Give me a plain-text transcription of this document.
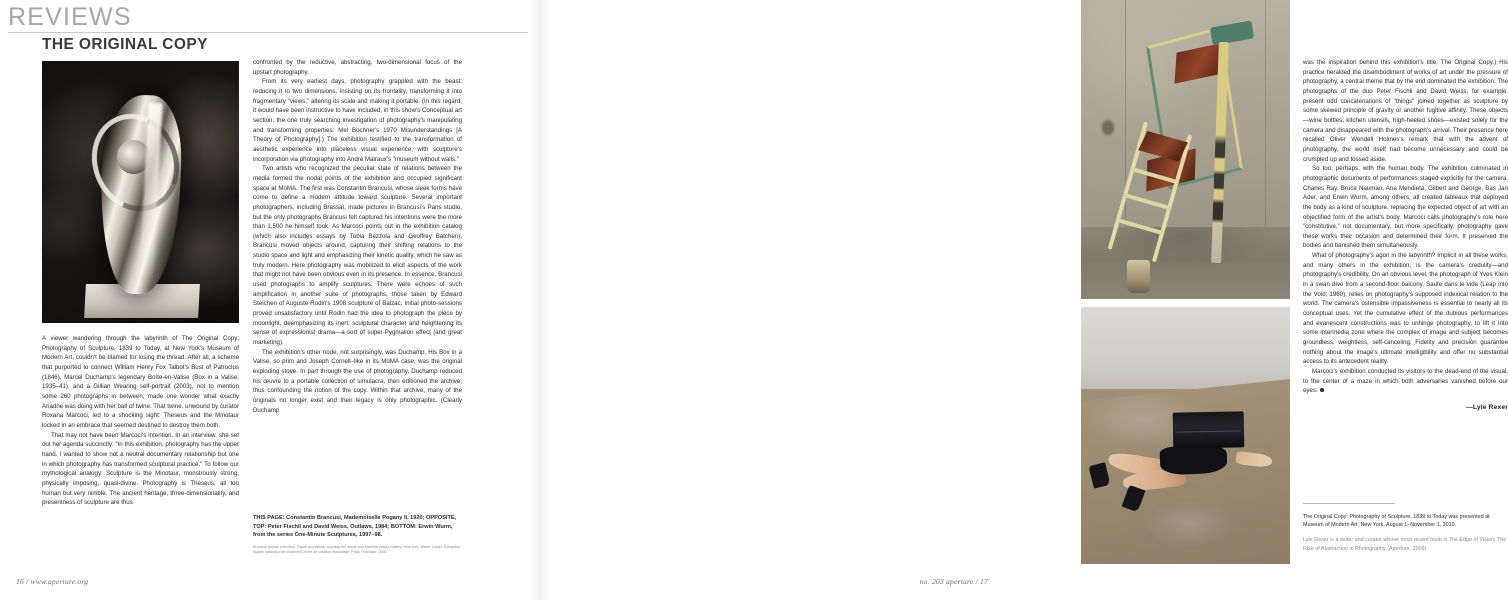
REVIEWS
THE ORIGINAL COPY

A viewer wandering through the labyrinth of The Original Copy: Photography of Sculpture, 1839 to Today, at New York's Museum of Modern Art, couldn't be blamed for losing the thread. After all, a scheme that purported to connect William Henry Fox Talbot's Bust of Patroclus (1846), Marcel Duchamp's legendary Boîte-en-Valise (Box in a Valise; 1935–41), and a Gillian Wearing self-portrait (2003), not to mention some 260 photographs in between, made one wonder what exactly Ariadne was doing with her ball of twine. That twine, unwound by curator Roxana Marcoci, led to a shocking sight: Theseus and the Minotaur locked in an embrace that seemed destined to destroy them both.

That may not have been Marcoci's intention. In an interview, she set out her agenda succinctly: "In this exhibition, photography has the upper hand. I wanted to show not a neutral documentary relationship but one in which photography has transformed sculptural practice." To follow our mythological analogy: Sculpture is the Minotaur, monstrously strong, physically imposing, quasi-divine. Photography is Theseus, all too human but very nimble. The ancient heritage, three-dimensionality, and presentness of sculpture are thus

confronted by the reductive, abstracting, two-dimensional focus of the upstart photography.

From its very earliest days, photography grappled with the beast: reducing it to two dimensions, insisting on its frontality, transforming it into fragmentary "views," altering its scale and making it portable. (In this regard, it would have been instructive to have included, in this show's Conceptual art section, the one truly searching investigation of photography's manipulating and transforming properties: Mel Bochner's 1970 Misunderstandings [A Theory of Photography].) The exhibition testified to the transformation of aesthetic experience into placeless visual experience, with sculpture's incorporation via photography into André Malraux's "museum without walls."

Two artists who recognized the peculiar state of relations between the media formed the nodal points of the exhibition and occupied significant space at MoMA. The first was Constantin Brancusi, whose sleek forms have come to define a modern attitude toward sculpture. Several important photographers, including Brassaï, made pictures in Brancusi's Paris studio, but the only photographs Brancusi felt captured his intentions were the more than 1,500 he himself took. As Marcoci points out in the exhibition catalog (which also includes essays by Tobia Bezzola and Geoffrey Batchen), Brancusi moved objects around, capturing their shifting relations to the studio space and light and emphasizing their kinetic quality, which he saw as truly modern. Here photography was mobilized to elicit aspects of the work that might not have been obvious even in its presence. In essence, Brancusi used photographs to amplify sculptures. There were echoes of such amplification in another suite of photographs, those taken by Edward Steichen of Auguste Rodin's 1908 sculpture of Balzac. Initial photo-sessions proved unsatisfactory until Rodin had the idea to photograph the piece by moonlight, deemphasizing its inert, sculptural character and heightening its sense of expressionist drama—a sort of super-Pygmalion effect (and great marketing).

The exhibition's other node, not surprisingly, was Duchamp. His Box in a Valise, so prim and Joseph Cornell–like in its MoMA case, was the original exploding stove. In part through the use of photography, Duchamp reduced his œuvre to a portable collection of simulacra, then editioned the archive, thus confounding the notion of the copy. Within that archive, many of the originals no longer exist and their legacy is only photographic. (Clearly Duchamp

THIS PAGE: Constantin Brancusi, Mademoiselle Pogany II, 1920; OPPOSITE, TOP: Peter Fischli and David Weiss, Outlaws, 1984; BOTTOM: Erwin Wurm, from the series One-Minute Sculptures, 1997–98.
Brancusi private collection, Fischli and Weiss: courtesy the artists and Matthew Marks Gallery, New York; Wurm: Centre Pompidou, Musée national d'art moderne/Centre de création industrielle, Paris. Purchase, 2000
16 / www.aperture.org

was the inspiration behind this exhibition's title, The Original Copy.) His practice heralded the disembodiment of works of art under the pressure of photography, a central theme that by the end dominated the exhibition. The photographs of the duo Peter Fischli and David Weiss, for example, present odd concatenations of "things" joined together as sculpture by some skewed principle of gravity or another fugitive affinity. These objects—wine bottles, kitchen utensils, high-heeled shoes—existed solely for the camera and disappeared with the photograph's arrival. Their presence here recalled Oliver Wendell Holmes's remark that with the advent of photography, the world itself had become unnecessary and could be crumpled up and tossed aside.

So too, perhaps, with the human body. The exhibition culminated in photographic documents of performances staged explicitly for the camera. Charles Ray, Bruce Nauman, Ana Mendieta, Gilbert and George, Bas Jan Ader, and Erwin Wurm, among others, all created tableaux that deployed the body as a kind of sculpture, replacing the expected object of art with an objectified form of the artist's body. Marcoci calls photography's role here "constitutive," not documentary, but more specifically, photography gave these works their occasion and determined their form. It preserved the bodies and banished them simultaneously.

What of photography's agon in the labyrinth? Implicit in all these works, and many others in the exhibition, is the camera's credulity—and photography's credibility. On an obvious level, the photograph of Yves Klein in a swan dive from a second-floor balcony, Saute dans le vide (Leap into the Void; 1960), relies on photography's supposed indexical relation to the world. The camera's ostensible impassiveness is essential to nearly all its conceptual uses. Yet the cumulative effect of the dubious performances and evanescent constructions was to unhinge photography, to lift it into some intermedia zone where the complex of image and subject becomes groundless, weightless, self-canceling. Fidelity and precision guarantee nothing about the image's ultimate intelligibility and offer no substantial access to its antecedent reality.

Marcoci's exhibition conducted its visitors to the dead-end of the visual, to the center of a maze in which both adversaries vanished before our eyes.

—Lyle Rexer
The Original Copy: Photography of Sculpture, 1839 to Today was presented at Museum of Modern Art, New York, August 1–November 1, 2010.
Lyle Rexer is a writer and curator whose most recent book is The Edge of Vision: The Rise of Abstraction in Photography (Aperture, 2009).
no. 203 aperture / 17
